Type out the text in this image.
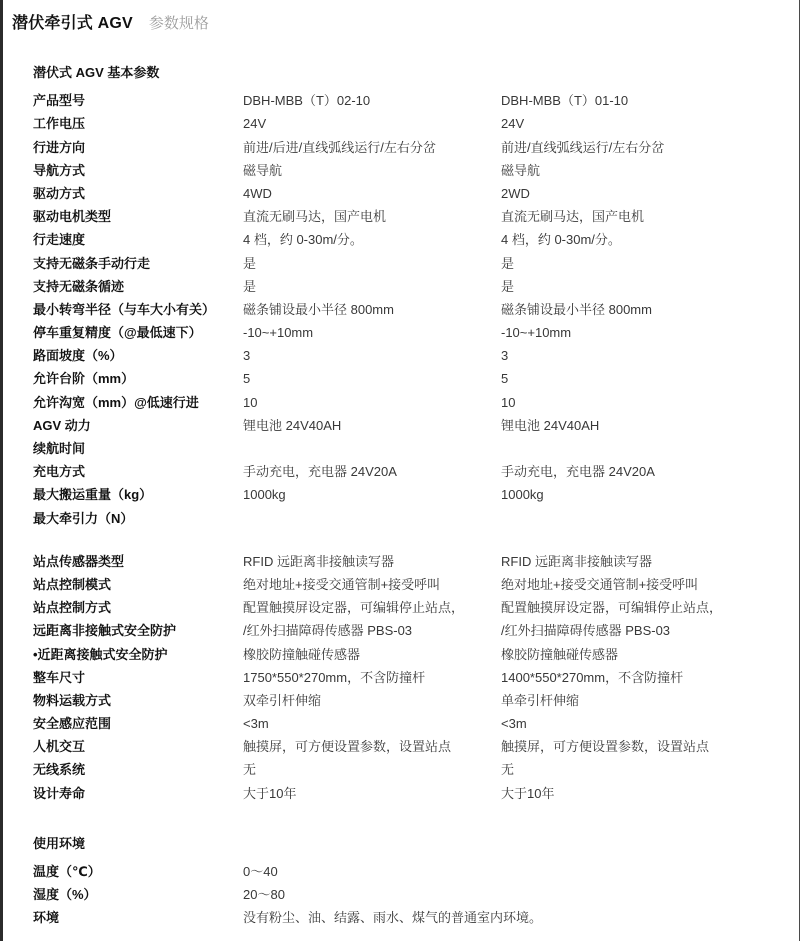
潜伏牵引式 AGV 参数规格
潜伏式 AGV 基本参数
产品型号	DBH-MBB（T）02-10	DBH-MBB（T）01-10
工作电压	24V	24V
行进方向	前进/后进/直线弧线运行/左右分岔	前进/直线弧线运行/左右分岔
导航方式	磁导航	磁导航
驱动方式	4WD	2WD
驱动电机类型	直流无刷马达，国产电机	直流无刷马达，国产电机
行走速度	4 档，约 0-30m/分。	4 档，约 0-30m/分。
支持无磁条手动行走	是	是
支持无磁条循迹	是	是
最小转弯半径（与车大小有关）	磁条铺设最小半径 800mm	磁条铺设最小半径 800mm
停车重复精度（@最低速下）	-10~+10mm	-10~+10mm
路面坡度（%）	3	3
允许台阶（mm）	5	5
允许沟宽（mm）@低速行进	10	10
AGV 动力	锂电池 24V40AH	锂电池 24V40AH
续航时间
充电方式	手动充电，充电器 24V20A	手动充电，充电器 24V20A
最大搬运重量（kg）	1000kg	1000kg
最大牵引力（N）
站点传感器类型	RFID 远距离非接触读写器	RFID 远距离非接触读写器
站点控制模式	绝对地址+接受交通管制+接受呼叫	绝对地址+接受交通管制+接受呼叫
站点控制方式	配置触摸屏设定器，可编辑停止站点，	配置触摸屏设定器，可编辑停止站点，
远距离非接触式安全防护	/红外扫描障碍传感器 PBS-03	/红外扫描障碍传感器 PBS-03
•近距离接触式安全防护	橡胶防撞触碰传感器	橡胶防撞触碰传感器
整车尺寸	1750*550*270mm，不含防撞杆	1400*550*270mm，不含防撞杆
物料运载方式	双牵引杆伸缩	单牵引杆伸缩
安全感应范围	<3m	<3m
人机交互	触摸屏，可方便设置参数，设置站点	触摸屏，可方便设置参数，设置站点
无线系统	无	无
设计寿命	大于10年	大于10年
使用环境
温度（℃）	0～40
湿度（%）	20～80
环境	没有粉尘、油、结露、雨水、煤气的普通室内环境。
